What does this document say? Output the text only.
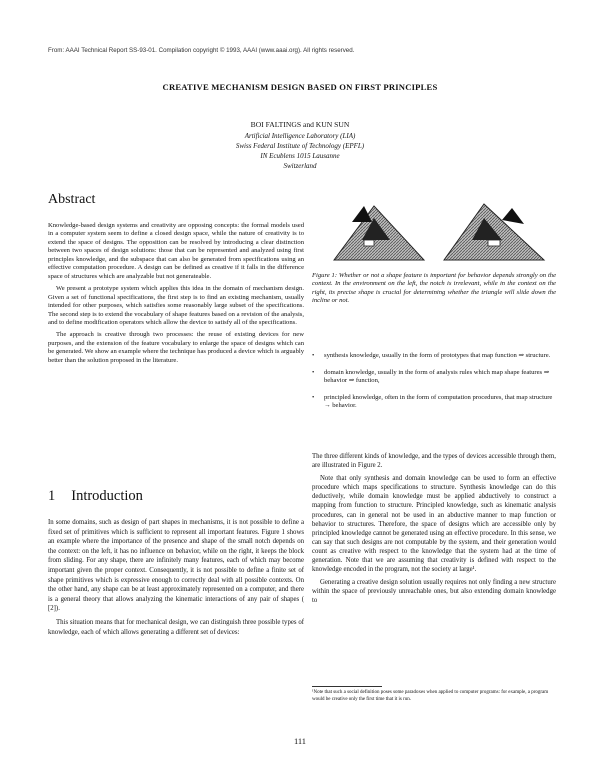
From: AAAI Technical Report SS-93-01. Compilation copyright © 1993, AAAI (www.aaai.org). All rights reserved.
CREATIVE MECHANISM DESIGN BASED ON FIRST PRINCIPLES
BOI FALTINGS and KUN SUN
Artificial Intelligence Laboratory (LIA)
Swiss Federal Institute of Technology (EPFL)
IN Ecublens 1015 Lausanne
Switzerland
Abstract

Knowledge-based design systems and creativity are opposing concepts: the formal models used in a computer system seem to define a closed design space, while the nature of creativity is to extend the space of designs. The opposition can be resolved by introducing a clear distinction between two spaces of design solutions: those that can be represented and analyzed using first principles knowledge, and the subspace that can also be generated from specifications using an effective computation procedure. A design can be defined as creative if it falls in the difference space of structures which are analyzable but not generateable.

We present a prototype system which applies this idea in the domain of mechanism design. Given a set of functional specifications, the first step is to find an existing mechanism, usually intended for other purposes, which satisfies some reasonably large subset of the specifications. The second step is to extend the vocabulary of shape features based on a revision of the analysis, and to define modification operators which allow the device to satisfy all of the specifications.

The approach is creative through two processes: the reuse of existing devices for new purposes, and the extension of the feature vocabulary to enlarge the space of designs which can be generated. We show an example where the technique has produced a device which is arguably better than the solution proposed in the literature.

1 Introduction

In some domains, such as design of part shapes in mechanisms, it is not possible to define a fixed set of primitives which is sufficient to represent all important features. Figure 1 shows an example where the importance of the presence and shape of the small notch depends on the context: on the left, it has no influence on behavior, while on the right, it keeps the block from sliding. For any shape, there are infinitely many features, each of which may become important given the proper context. Consequently, it is not possible to define a finite set of shape primitives which is expressive enough to correctly deal with all possible contexts. On the other hand, any shape can be at least approximately represented on a computer, and there is a general theory that allows analyzing the kinematic interactions of any pair of shapes ( [2]).

This situation means that for mechanical design, we can distinguish three possible types of knowledge, each of which allows generating a different set of devices:

Figure 1: Whether or not a shape feature is important for behavior depends strongly on the context. In the environment on the left, the notch is irrelevant, while in the context on the right, its precise shape is crucial for determining whether the triangle will slide down the incline or not.
• synthesis knowledge, usually in the form of prototypes that map function ⇒ structure.
• domain knowledge, usually in the form of analysis rules which map shape features ⇒ behavior ⇒ function,
• principled knowledge, often in the form of computation procedures, that map structure → behavior.

The three different kinds of knowledge, and the types of devices accessible through them, are illustrated in Figure 2.

Note that only synthesis and domain knowledge can be used to form an effective procedure which maps specifications to structure. Synthesis knowledge can do this deductively, while domain knowledge must be applied abductively to construct a mapping from function to structure. Principled knowledge, such as kinematic analysis procedures, can in general not be used in an abductive manner to map function or behavior to structures. Therefore, the space of designs which are accessible only by principled knowledge cannot be generated using an effective procedure. In this sense, we can say that such designs are not computable by the system, and their generation would count as creative with respect to the knowledge that the system had at the time of generation. Note that we are assuming that creativity is defined with respect to the knowledge encoded in the program, not the society at large¹.

Generating a creative design solution usually requires not only finding a new structure within the space of previously unreachable ones, but also extending domain knowledge to

¹Note that such a social definition poses some paradoxes when applied to computer programs: for example, a program would be creative only the first time that it is run.
111
